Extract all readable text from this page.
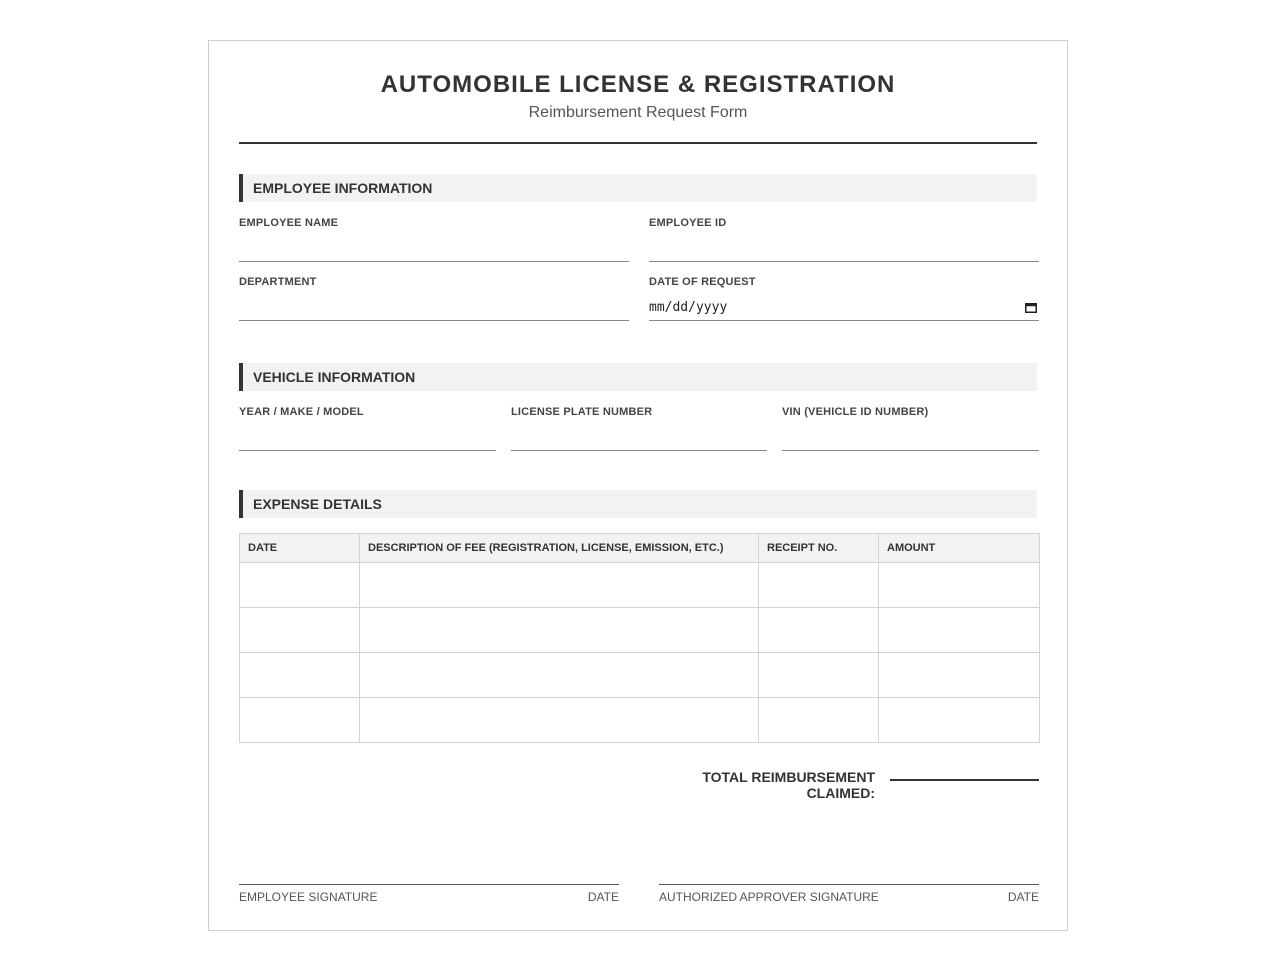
AUTOMOBILE LICENSE & REGISTRATION
Reimbursement Request Form
EMPLOYEE INFORMATION
EMPLOYEE NAME	EMPLOYEE ID
DEPARTMENT	DATE OF REQUEST
mm/dd/yyyy
VEHICLE INFORMATION
YEAR / MAKE / MODEL	LICENSE PLATE NUMBER	VIN (VEHICLE ID NUMBER)
EXPENSE DETAILS
DATE	DESCRIPTION OF FEE (REGISTRATION, LICENSE, EMISSION, ETC.)	RECEIPT NO.	AMOUNT

TOTAL REIMBURSEMENT CLAIMED:
EMPLOYEE SIGNATURE	DATE	AUTHORIZED APPROVER SIGNATURE	DATE
